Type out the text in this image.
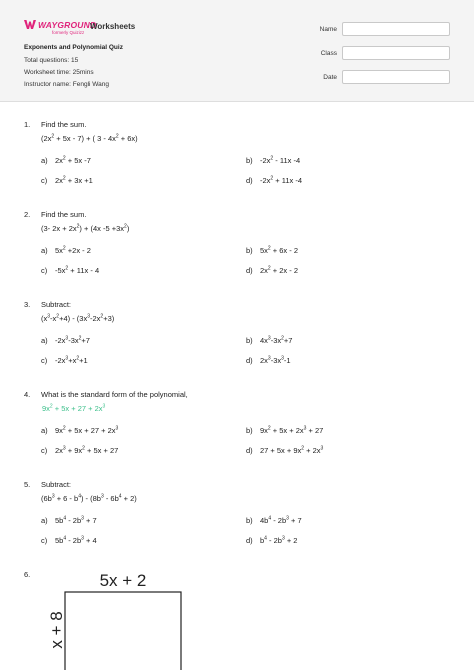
WAYGROUND
formerly Quizizz
Worksheets
Exponents and Polynomial Quiz
Total questions: 15
Worksheet time: 25mins
Instructor name: Fengli Wang
Name
Class
Date
1. Find the sum.
$(2x^2 + 5x - 7)$ + ( $3 - 4x^2 + 6x$)
a) $2x^2 + 5x$ -7	b) $-2x^2 - 11x$ -4
c) $2x^2 + 3x +1$	d) $-2x^2 + 11x$ -4
2. Find the sum.
(3- $2x + 2x^2) + (4x$ $-5 +3x^2$)
a) $5x^2 +2x - 2$	b) $5x^2 + 6x - 2$
c) $-5x^2 + 11x - 4$	d) $2x^2 + 2x - 2$
3. Subtract:
$(x^3-x^2+4) - (3x^3-2x^2+3)$
a) $-2x^3-3x^2+7$	b) $4x^3-3x^2+7$
c) $-2x^3+x^2+1$	d) $2x^3-3x^3-1$
4. What is the standard form of the polynomial,
$9x^2 + 5x + 27 + 2x^3$
a) $9x^2 + 5x + 27 + 2x^3$	b) $9x^2 + 5x + 2x^3 + 27$
c) $2x^3 + 9x^2 + 5x + 27$	d) $27 + 5x + 9x^2 + 2x^3$
5. Subtract:
$(6b^3 + 6 - b^4) - (8b^3 - 6b^4 + 2)$
a) $5b^4 - 2b^3 + 7$	b) $4b^4 - 2b^3 + 7$
c) $5b^4 - 2b^3 + 4$	d) $b^4 - 2b^3 + 2$
6.	5x + 2
x + 8
